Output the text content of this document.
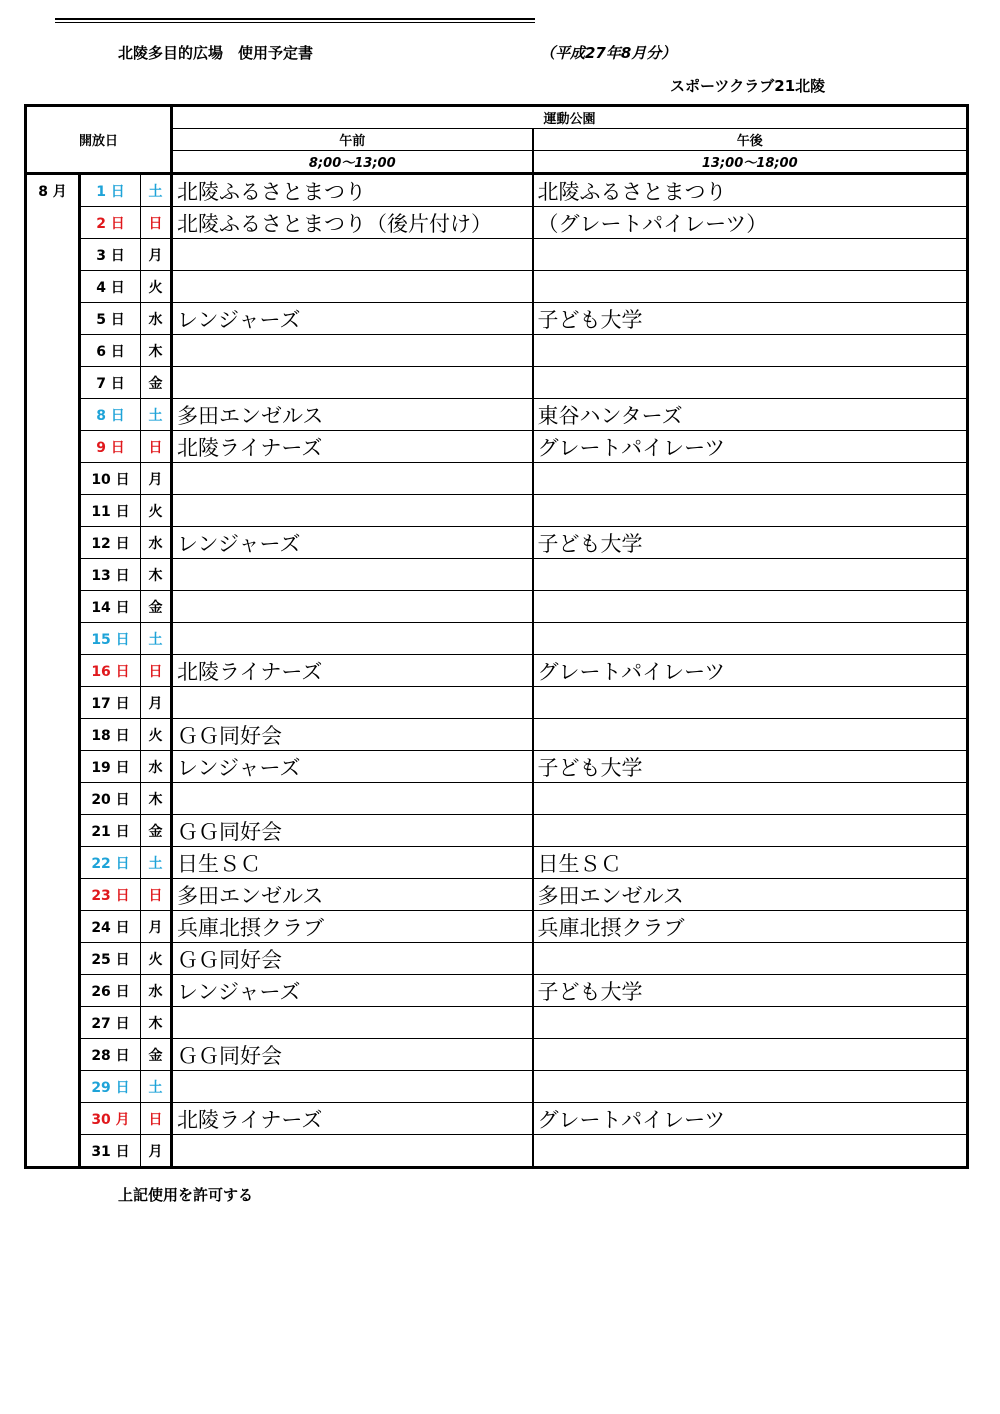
北陵多目的広場　使用予定書	（平成27年8月分）
スポーツクラブ21北陵
開放日			運動公園	
			午前	午後
			8;00～13;00	13;00～18;00
8 月	1 日	土	北陵ふるさとまつり	北陵ふるさとまつり
	2 日	日	北陵ふるさとまつり（後片付け）	（グレートパイレーツ）
	3 日	月		
	4 日	火		
	5 日	水	レンジャーズ	子ども大学
	6 日	木		
	7 日	金		
	8 日	土	多田エンゼルス	東谷ハンターズ
	9 日	日	北陵ライナーズ	グレートパイレーツ
	10 日	月		
	11 日	火		
	12 日	水	レンジャーズ	子ども大学
	13 日	木		
	14 日	金		
	15 日	土		
	16 日	日	北陵ライナーズ	グレートパイレーツ
	17 日	月		
	18 日	火	ＧＧ同好会	
	19 日	水	レンジャーズ	子ども大学
	20 日	木		
	21 日	金	ＧＧ同好会	
	22 日	土	日生ＳＣ	日生ＳＣ
	23 日	日	多田エンゼルス	多田エンゼルス
	24 日	月	兵庫北摂クラブ	兵庫北摂クラブ
	25 日	火	ＧＧ同好会	
	26 日	水	レンジャーズ	子ども大学
	27 日	木		
	28 日	金	ＧＧ同好会	
	29 日	土		
	30 月	日	北陵ライナーズ	グレートパイレーツ
	31 日	月		
上記使用を許可する
